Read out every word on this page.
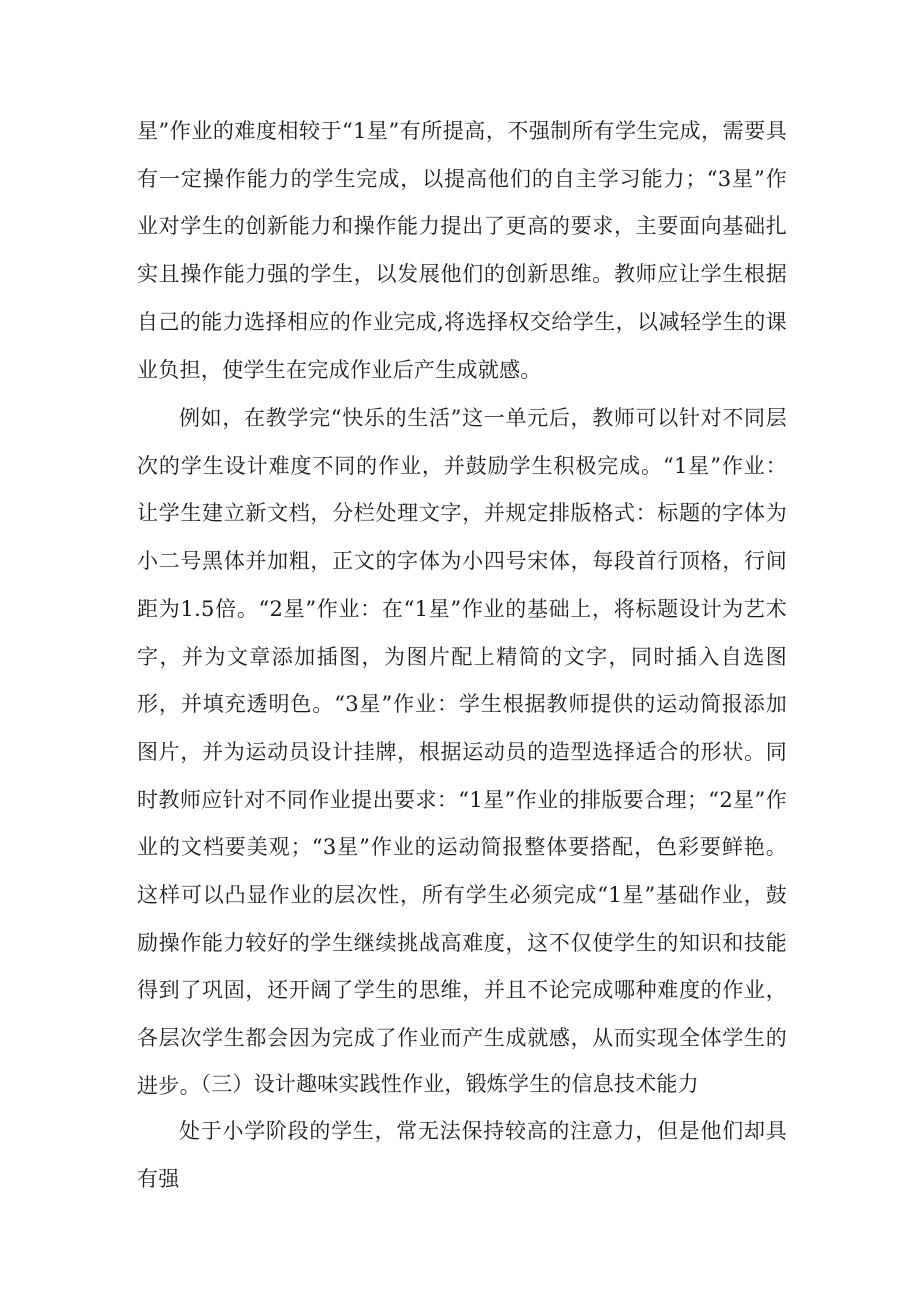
星”作业的难度相较于“1星”有所提高，不强制所有学生完成，需要具有一定操作能力的学生完成，以提高他们的自主学习能力；“3星”作业对学生的创新能力和操作能力提出了更高的要求，主要面向基础扎实且操作能力强的学生，以发展他们的创新思维。教师应让学生根据自己的能力选择相应的作业完成,将选择权交给学生，以减轻学生的课业负担，使学生在完成作业后产生成就感。

例如，在教学完“快乐的生活”这一单元后，教师可以针对不同层次的学生设计难度不同的作业，并鼓励学生积极完成。“1星”作业：让学生建立新文档，分栏处理文字，并规定排版格式：标题的字体为小二号黑体并加粗，正文的字体为小四号宋体，每段首行顶格，行间距为1.5倍。“2星”作业：在“1星”作业的基础上，将标题设计为艺术字，并为文章添加插图，为图片配上精简的文字，同时插入自选图形，并填充透明色。“3星”作业：学生根据教师提供的运动简报添加图片，并为运动员设计挂牌，根据运动员的造型选择适合的形状。同时教师应针对不同作业提出要求：“1星”作业的排版要合理；“2星”作业的文档要美观；“3星”作业的运动简报整体要搭配，色彩要鲜艳。这样可以凸显作业的层次性，所有学生必须完成“1星”基础作业，鼓励操作能力较好的学生继续挑战高难度，这不仅使学生的知识和技能得到了巩固，还开阔了学生的思维，并且不论完成哪种难度的作业，各层次学生都会因为完成了作业而产生成就感，从而实现全体学生的进步。

（三）设计趣味实践性作业，锻炼学生的信息技术能力

处于小学阶段的学生，常无法保持较高的注意力，但是他们却具有强
